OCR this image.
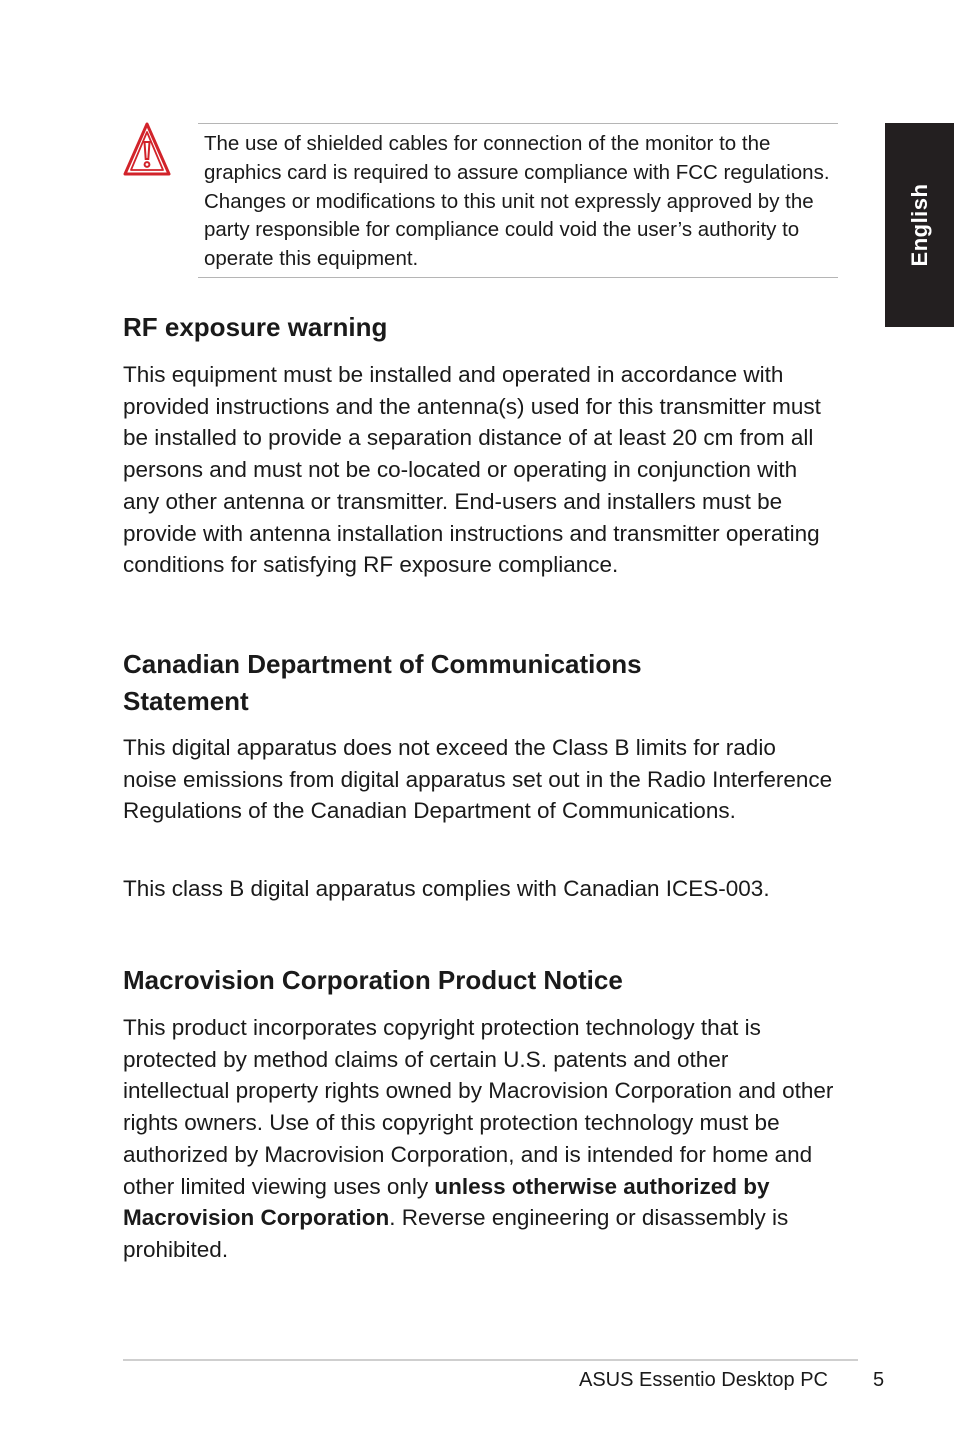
English

The use of shielded cables for connection of the monitor to the graphics card is required to assure compliance with FCC regulations. Changes or modifications to this unit not expressly approved by the party responsible for compliance could void the user’s authority to operate this equipment.

RF exposure warning

This equipment must be installed and operated in accordance with provided instructions and the antenna(s) used for this transmitter must be installed to provide a separation distance of at least 20 cm from all persons and must not be co-located or operating in conjunction with any other antenna or transmitter. End-users and installers must be provide with antenna installation instructions and transmitter operating conditions for satisfying RF exposure compliance.

Canadian Department of Communications
Statement

This digital apparatus does not exceed the Class B limits for radio noise emissions from digital apparatus set out in the Radio Interference Regulations of the Canadian Department of Communications.

This class B digital apparatus complies with Canadian ICES-003.

Macrovision Corporation Product Notice

This product incorporates copyright protection technology that is protected by method claims of certain U.S. patents and other intellectual property rights owned by Macrovision Corporation and other rights owners. Use of this copyright protection technology must be authorized by Macrovision Corporation, and is intended for home and other limited viewing uses only unless otherwise authorized by Macrovision Corporation. Reverse engineering or disassembly is prohibited.

ASUS Essentio Desktop PC 5
